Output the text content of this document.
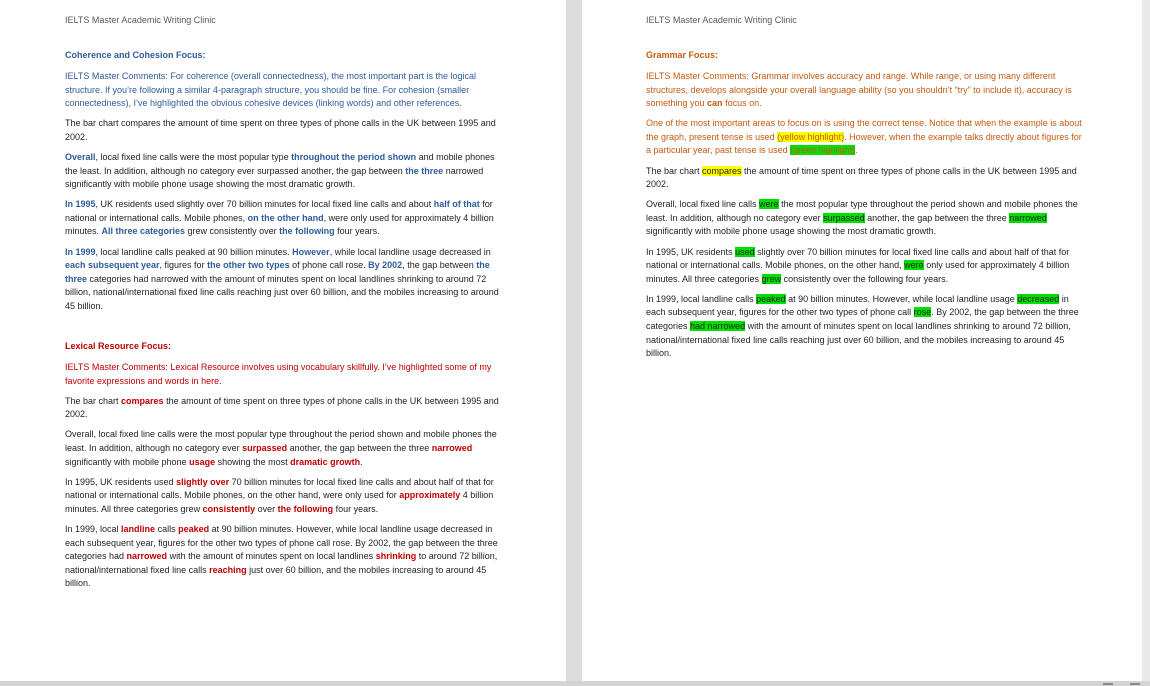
IELTS Master Academic Writing Clinic
Coherence and Cohesion Focus:

IELTS Master Comments: For coherence (overall connectedness), the most important part is the logical structure. If you’re following a similar 4-paragraph structure, you should be fine. For cohesion (smaller connectedness), I’ve highlighted the obvious cohesive devices (linking words) and other references.

The bar chart compares the amount of time spent on three types of phone calls in the UK between 1995 and 2002.

Overall, local fixed line calls were the most popular type throughout the period shown and mobile phones the least. In addition, although no category ever surpassed another, the gap between the three narrowed significantly with mobile phone usage showing the most dramatic growth.

In 1995, UK residents used slightly over 70 billion minutes for local fixed line calls and about half of that for national or international calls. Mobile phones, on the other hand, were only used for approximately 4 billion minutes. All three categories grew consistently over the following four years.

In 1999, local landline calls peaked at 90 billion minutes. However, while local landline usage decreased in each subsequent year, figures for the other two types of phone call rose. By 2002, the gap between the three categories had narrowed with the amount of minutes spent on local landlines shrinking to around 72 billion, national/international fixed line calls reaching just over 60 billion, and the mobiles increasing to around 45 billion.

Lexical Resource Focus:

IELTS Master Comments: Lexical Resource involves using vocabulary skillfully. I’ve highlighted some of my favorite expressions and words in here.

The bar chart compares the amount of time spent on three types of phone calls in the UK between 1995 and 2002.

Overall, local fixed line calls were the most popular type throughout the period shown and mobile phones the least. In addition, although no category ever surpassed another, the gap between the three narrowed significantly with mobile phone usage showing the most dramatic growth.

In 1995, UK residents used slightly over 70 billion minutes for local fixed line calls and about half of that for national or international calls. Mobile phones, on the other hand, were only used for approximately 4 billion minutes. All three categories grew consistently over the following four years.

In 1999, local landline calls peaked at 90 billion minutes. However, while local landline usage decreased in each subsequent year, figures for the other two types of phone call rose. By 2002, the gap between the three categories had narrowed with the amount of minutes spent on local landlines shrinking to around 72 billion, national/international fixed line calls reaching just over 60 billion, and the mobiles increasing to around 45 billion.

IELTS Master Academic Writing Clinic
Grammar Focus:

IELTS Master Comments: Grammar involves accuracy and range. While range, or using many different structures, develops alongside your overall language ability (so you shouldn’t “try” to include it), accuracy is something you can focus on.

One of the most important areas to focus on is using the correct tense. Notice that when the example is about the graph, present tense is used (yellow highlight). However, when the example talks directly about figures for a particular year, past tense is used (green highlight).

The bar chart compares the amount of time spent on three types of phone calls in the UK between 1995 and 2002.

Overall, local fixed line calls were the most popular type throughout the period shown and mobile phones the least. In addition, although no category ever surpassed another, the gap between the three narrowed significantly with mobile phone usage showing the most dramatic growth.

In 1995, UK residents used slightly over 70 billion minutes for local fixed line calls and about half of that for national or international calls. Mobile phones, on the other hand, were only used for approximately 4 billion minutes. All three categories grew consistently over the following four years.

In 1999, local landline calls peaked at 90 billion minutes. However, while local landline usage decreased in each subsequent year, figures for the other two types of phone call rose. By 2002, the gap between the three categories had narrowed with the amount of minutes spent on local landlines shrinking to around 72 billion, national/international fixed line calls reaching just over 60 billion, and the mobiles increasing to around 45 billion.
